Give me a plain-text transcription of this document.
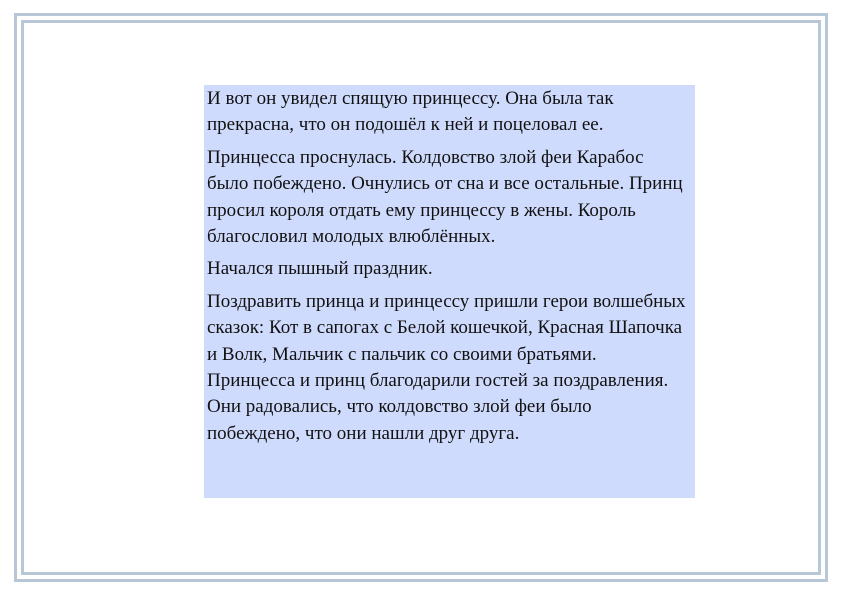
И вот он увидел спящую принцессу. Она была так прекрасна, что он подошёл к ней и поцеловал ее.

Принцесса проснулась. Колдовство злой феи Карабос было побеждено. Очнулись от сна и все остальные. Принц просил короля отдать ему принцессу в жены. Король благословил молодых влюблённых.

Начался пышный праздник.

Поздравить принца и принцессу пришли герои волшебных сказок: Кот в сапогах с Белой кошечкой, Красная Шапочка и Волк, Мальчик с пальчик со своими братьями. Принцесса и принц благодарили гостей за поздравления. Они радовались, что колдовство злой феи было побеждено, что они нашли друг друга.
